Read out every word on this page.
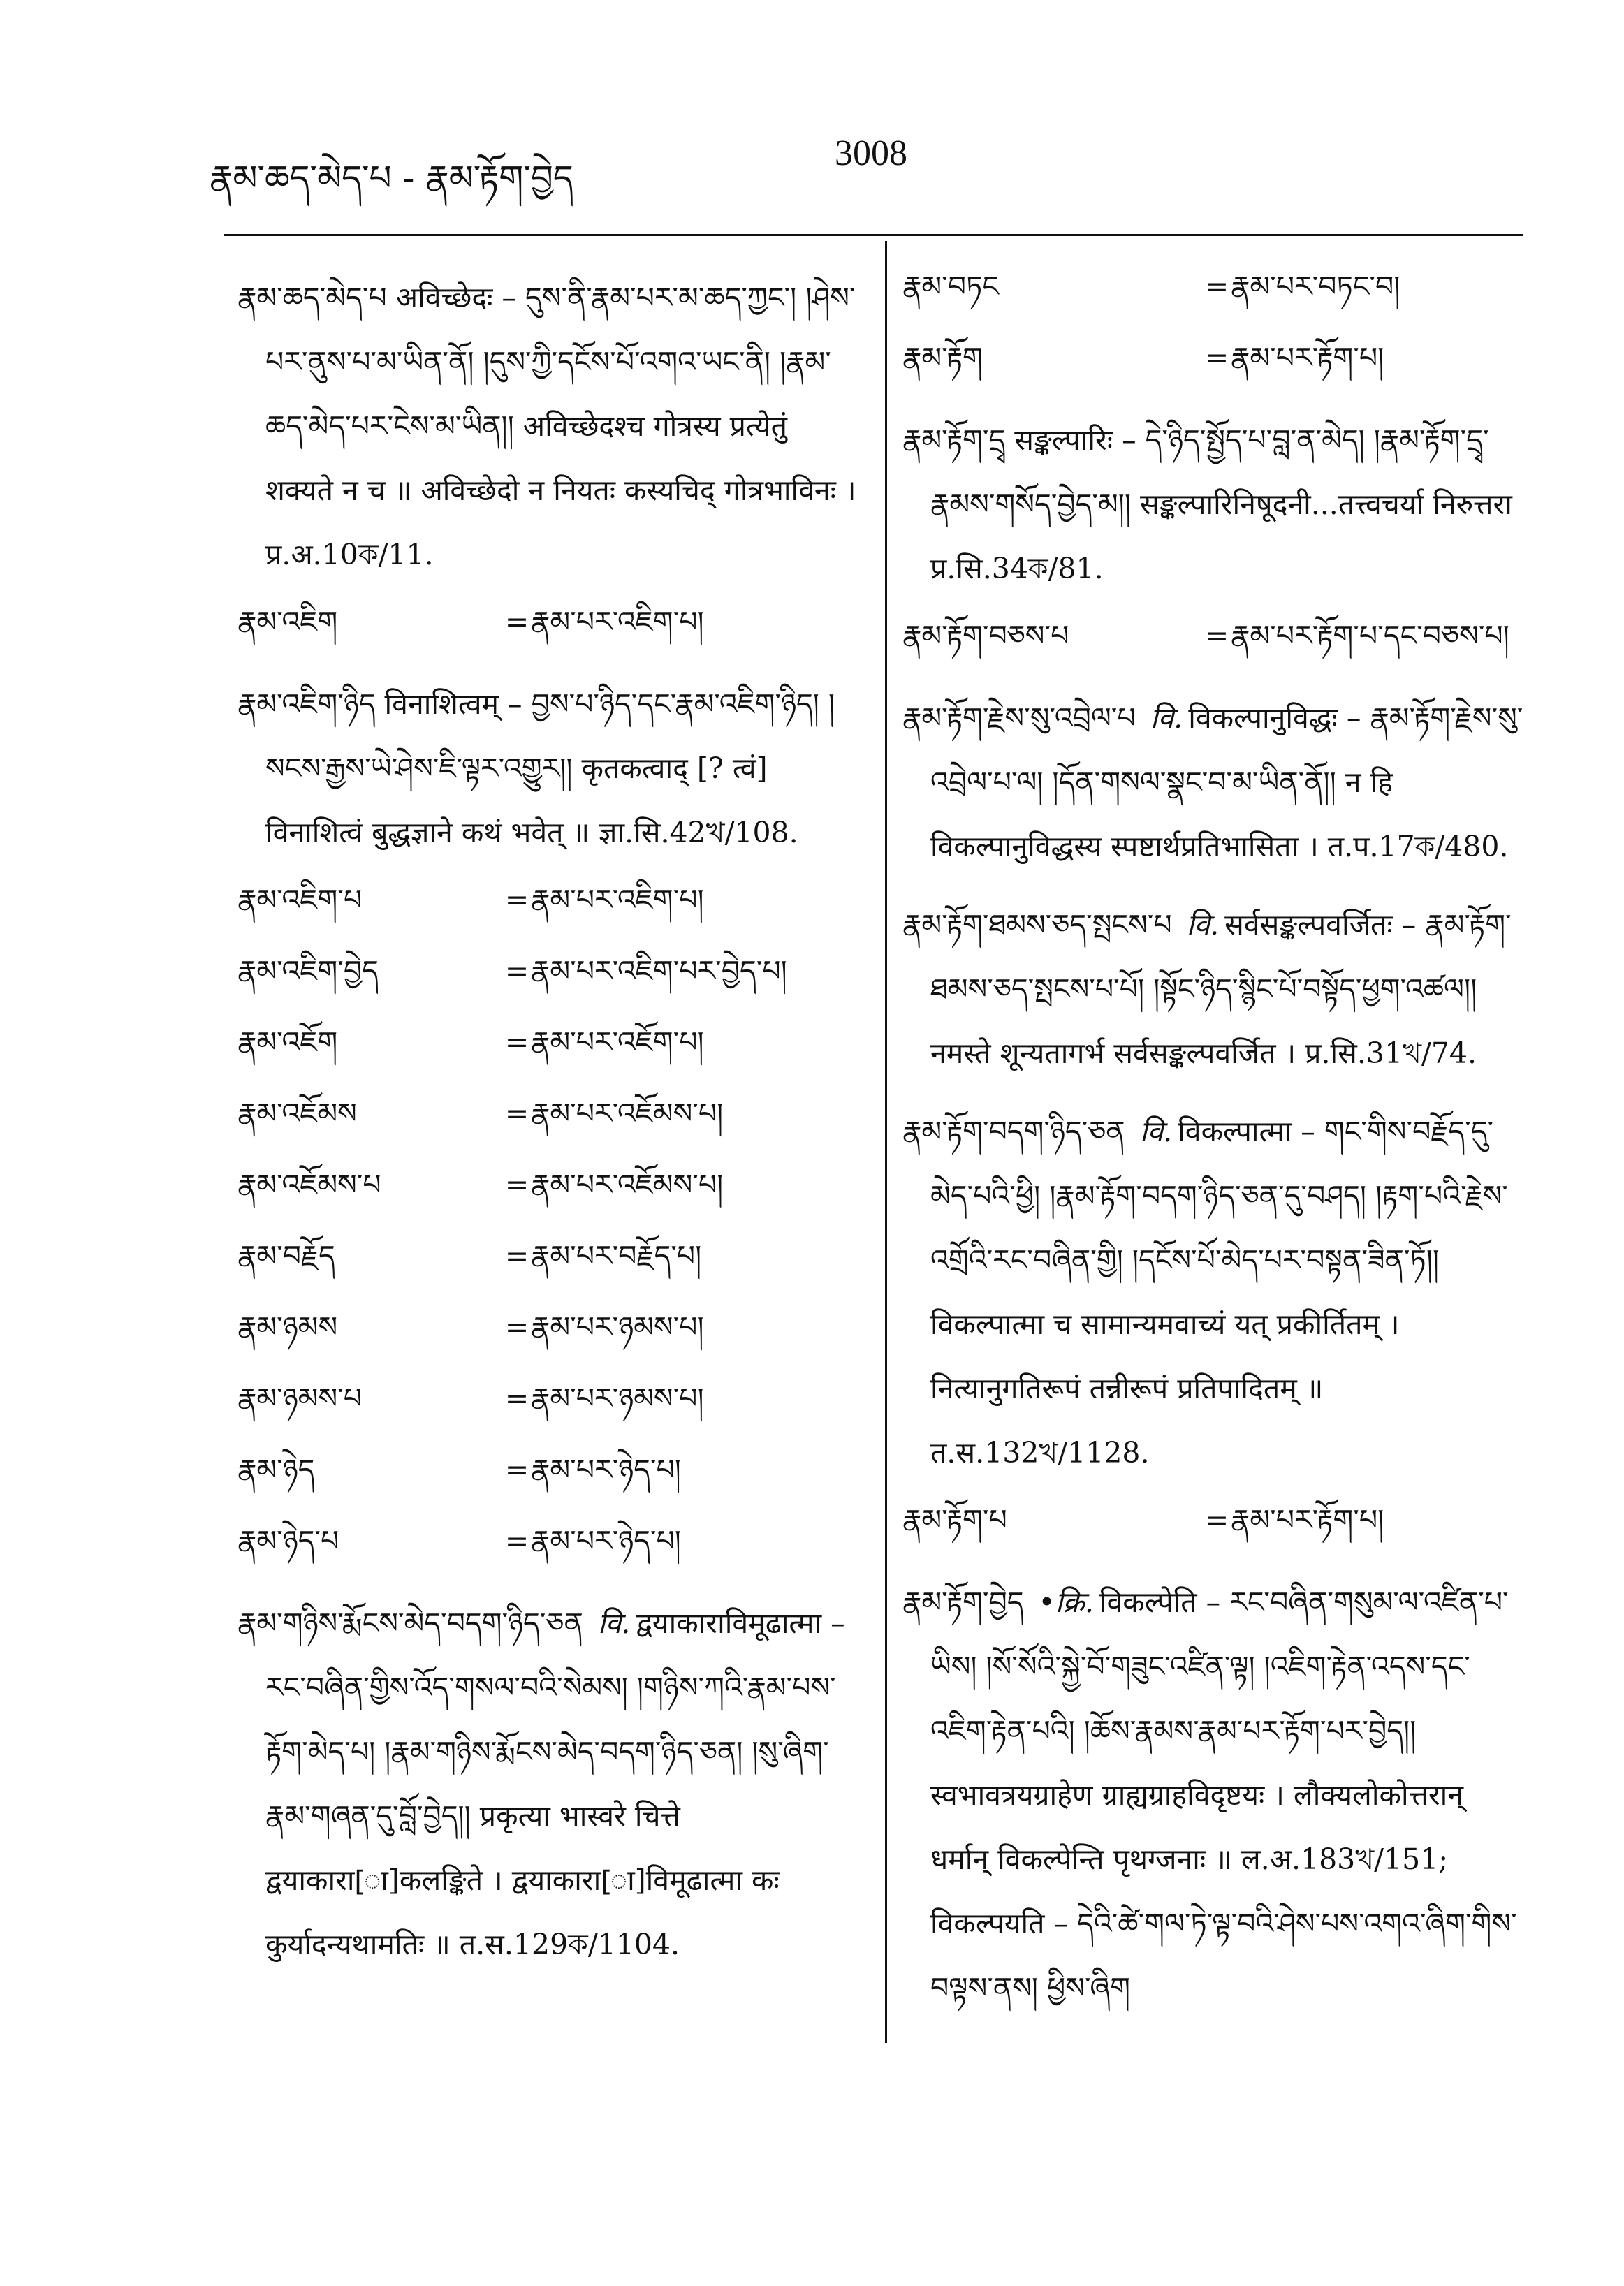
རྣམ་ཆད་མེད་པ - རྣམ་རྟོག་བྱེད
3008
རྣམ་ཆད་མེད་པ अविच्छेदः – དུས་ནི་རྣམ་པར་མ་ཆད་ཀྱང་། །ཤེས་པར་ནུས་པ་མ་ཡིན་ནོ། །དུས་ཀྱི་དངོས་པོ་འགའ་ཡང་ནི། །རྣམ་ཆད་མེད་པར་ངེས་མ་ཡིན།། अविच्छेदश्च गोत्रस्य प्रत्येतुं शक्यते न च ॥ अविच्छेदो न नियतः कस्यचिद् गोत्रभाविनः । प्र.अ.10ক/11.
རྣམ་འཇིག	= རྣམ་པར་འཇིག་པ།
རྣམ་འཇིག་ཉིད विनाशित्वम् – བྱས་པ་ཉིད་དང་རྣམ་འཇིག་ཉིད། །སངས་རྒྱས་ཡེ་ཤེས་ཇི་ལྟར་འགྱུར།། कृतकत्वाद् [? त्वं] विनाशित्वं बुद्धज्ञाने कथं भवेत् ॥ ज्ञा.सि.42খ/108.
རྣམ་འཇིག་པ	= རྣམ་པར་འཇིག་པ།
རྣམ་འཇིག་བྱེད	= རྣམ་པར་འཇིག་པར་བྱེད་པ།
རྣམ་འཇོག	= རྣམ་པར་འཇོག་པ།
རྣམ་འཇོམས	= རྣམ་པར་འཇོམས་པ།
རྣམ་འཇོམས་པ	= རྣམ་པར་འཇོམས་པ།
རྣམ་བརྗོད	= རྣམ་པར་བརྗོད་པ།
རྣམ་ཉམས	= རྣམ་པར་ཉམས་པ།
རྣམ་ཉམས་པ	= རྣམ་པར་ཉམས་པ།
རྣམ་ཉེད	= རྣམ་པར་ཉེད་པ།
རྣམ་ཉེད་པ	= རྣམ་པར་ཉེད་པ།
རྣམ་གཉིས་རྨོངས་མེད་བདག་ཉིད་ཅན वि. द्वयाकाराविमूढात्मा – རང་བཞིན་གྱིས་འོད་གསལ་བའི་སེམས། །གཉིས་ཀའི་རྣམ་པས་རྟོག་མེད་པ། །རྣམ་གཉིས་རྨོངས་མེད་བདག་ཉིད་ཅན། །སུ་ཞིག་རྣམ་གཞན་དུ་བློ་བྱེད།། प्रकृत्या भास्वरे चित्ते द्वयाकारा[ा]कलङ्किते । द्वयाकारा[ा]विमूढात्मा कः कुर्यादन्यथामतिः ॥ त.स.129ক/1104.
རྣམ་བཏང	= རྣམ་པར་བཏང་བ།
རྣམ་རྟོག	= རྣམ་པར་རྟོག་པ།
རྣམ་རྟོག་དྲྭ सङ्कल्पारिः – དེ་ཉིད་སྤྱོད་པ་བླ་ན་མེད། །རྣམ་རྟོག་དྲྭ་རྣམས་གསོད་བྱེད་མ།། सङ्कल्पारिनिषूदनी...तत्त्वचर्या निरुत्तरा प्र.सि.34ক/81.
རྣམ་རྟོག་བཅས་པ	= རྣམ་པར་རྟོག་པ་དང་བཅས་པ།
རྣམ་རྟོག་རྗེས་སུ་འབྲེལ་པ वि. विकल्पानुविद्धः – རྣམ་རྟོག་རྗེས་སུ་འབྲེལ་པ་ལ། །དོན་གསལ་སྣང་བ་མ་ཡིན་ནོ།། न हि विकल्पानुविद्धस्य स्पष्टार्थप्रतिभासिता । त.प.17ক/480.
རྣམ་རྟོག་ཐམས་ཅད་སྤངས་པ वि. सर्वसङ्कल्पवर्जितः – རྣམ་རྟོག་ཐམས་ཅད་སྤངས་པ་པོ། །སྟོང་ཉིད་སྙིང་པོ་བསྟོད་ཕྱག་འཚལ།། नमस्ते शून्यतागर्भ सर्वसङ्कल्पवर्जित । प्र.सि.31খ/74.
རྣམ་རྟོག་བདག་ཉིད་ཅན वि. विकल्पात्मा – གང་གིས་བརྗོད་དུ་མེད་པའི་ཕྱི། །རྣམ་རྟོག་བདག་ཉིད་ཅན་དུ་བཤད། །རྟག་པའི་རྗེས་འགྲོའི་རང་བཞིན་གྱི། །དངོས་པོ་མེད་པར་བསྟན་ཟིན་ཏོ།། विकल्पात्मा च सामान्यमवाच्यं यत् प्रकीर्तितम् । नित्यानुगतिरूपं तन्नीरूपं प्रतिपादितम् ॥ त.स.132খ/1128.
རྣམ་རྟོག་པ	= རྣམ་པར་རྟོག་པ།
རྣམ་རྟོག་བྱེད •क्रि. विकल्पेति – རང་བཞིན་གསུམ་ལ་འཛིན་པ་ཡིས། །སོ་སོའི་སྐྱེ་བོ་གཟུང་འཛིན་ལྟ། །འཇིག་རྟེན་འདས་དང་འཇིག་རྟེན་པའི། །ཆོས་རྣམས་རྣམ་པར་རྟོག་པར་བྱེད།། स्वभावत्रयग्राहेण ग्राह्यग्राहविदृष्टयः । लौक्यलोकोत्तरान् धर्मान् विकल्पेन्ति पृथग्जनाः ॥ ल.अ.183খ/151; विकल्पयति – དེའི་ཚེ་གལ་ཏེ་ལྟ་བའི་ཤེས་པས་འགའ་ཞིག་གིས་བལྟས་ནས། ཕྱིས་ཞིག
